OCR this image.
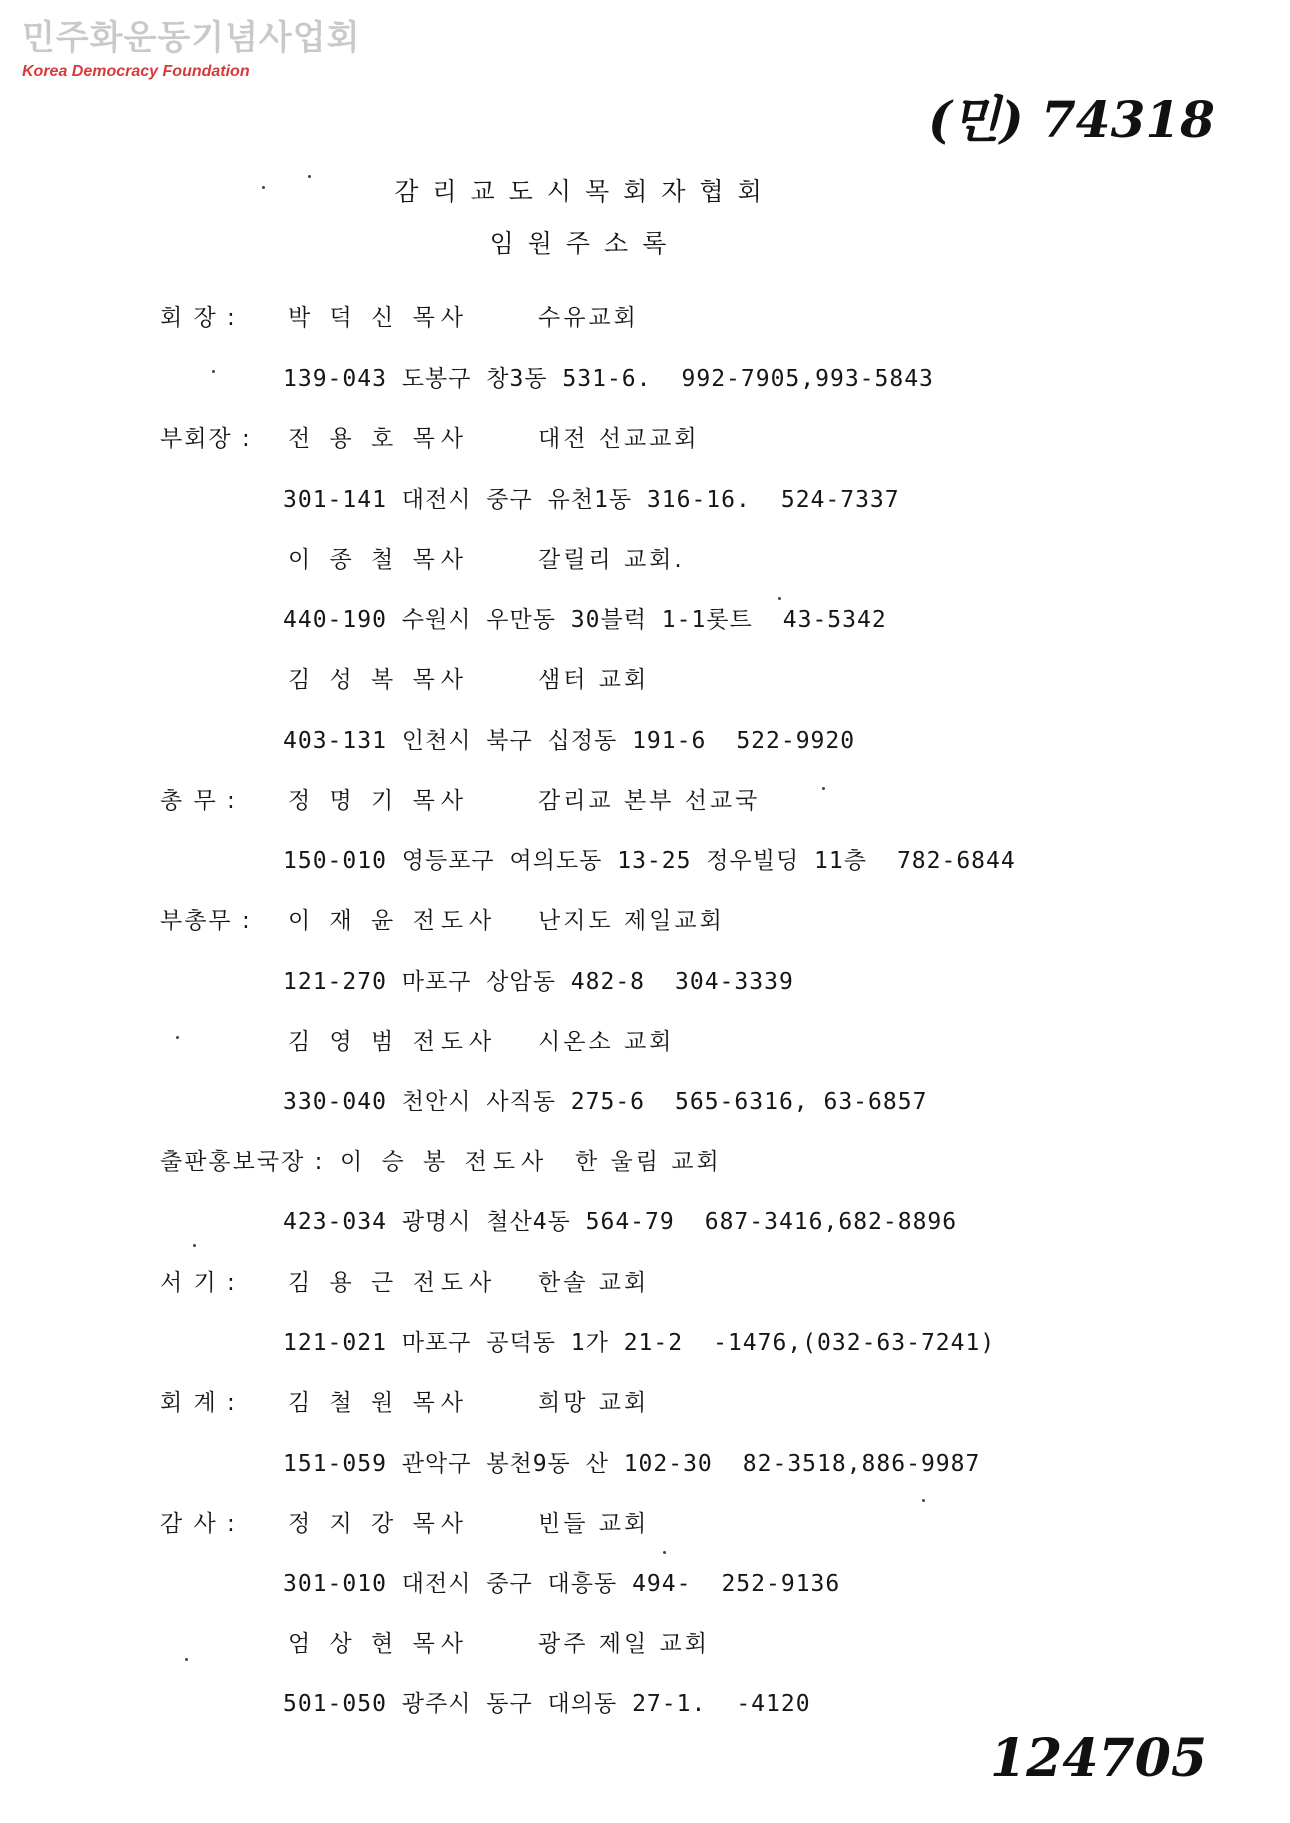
민주화운동기념사업회
Korea Democracy Foundation
(민) 74318
124705
감리교도시목회자협회
임원주소록
회 장 : 박 덕 신 목사	수유교회
139-043 도봉구 창3동 531-6. 992-7905,993-5843
부회장 : 전 용 호 목사	대전 선교교회
301-141 대전시 중구 유천1동 316-16. 524-7337
이 종 철 목사	갈릴리 교회.
440-190 수원시 우만동 30블럭 1-1롯트 43-5342
김 성 복 목사	샘터 교회
403-131 인천시 북구 십정동 191-6 522-9920
총 무 : 정 명 기 목사	감리교 본부 선교국
150-010 영등포구 여의도동 13-25 정우빌딩 11층 782-6844
부총무 : 이 재 윤 전도사 난지도 제일교회
121-270 마포구 상암동 482-8 304-3339
김 영 범 전도사 시온소 교회
330-040 천안시 사직동 275-6 565-6316, 63-6857
출판홍보국장 : 이 승 봉 전도사 한 울림 교회
423-034 광명시 철산4동 564-79 687-3416,682-8896
서 기 : 김 용 근 전도사 한솔 교회
121-021 마포구 공덕동 1가 21-2 -1476,(032-63-7241)
회 계 : 김 철 원 목사	희망 교회
151-059 관악구 봉천9동 산 102-30 82-3518,886-9987
감 사 : 정 지 강 목사	빈들 교회
301-010 대전시 중구 대흥동 494- 252-9136
엄 상 현 목사	광주 제일 교회
501-050 광주시 동구 대의동 27-1. -4120
